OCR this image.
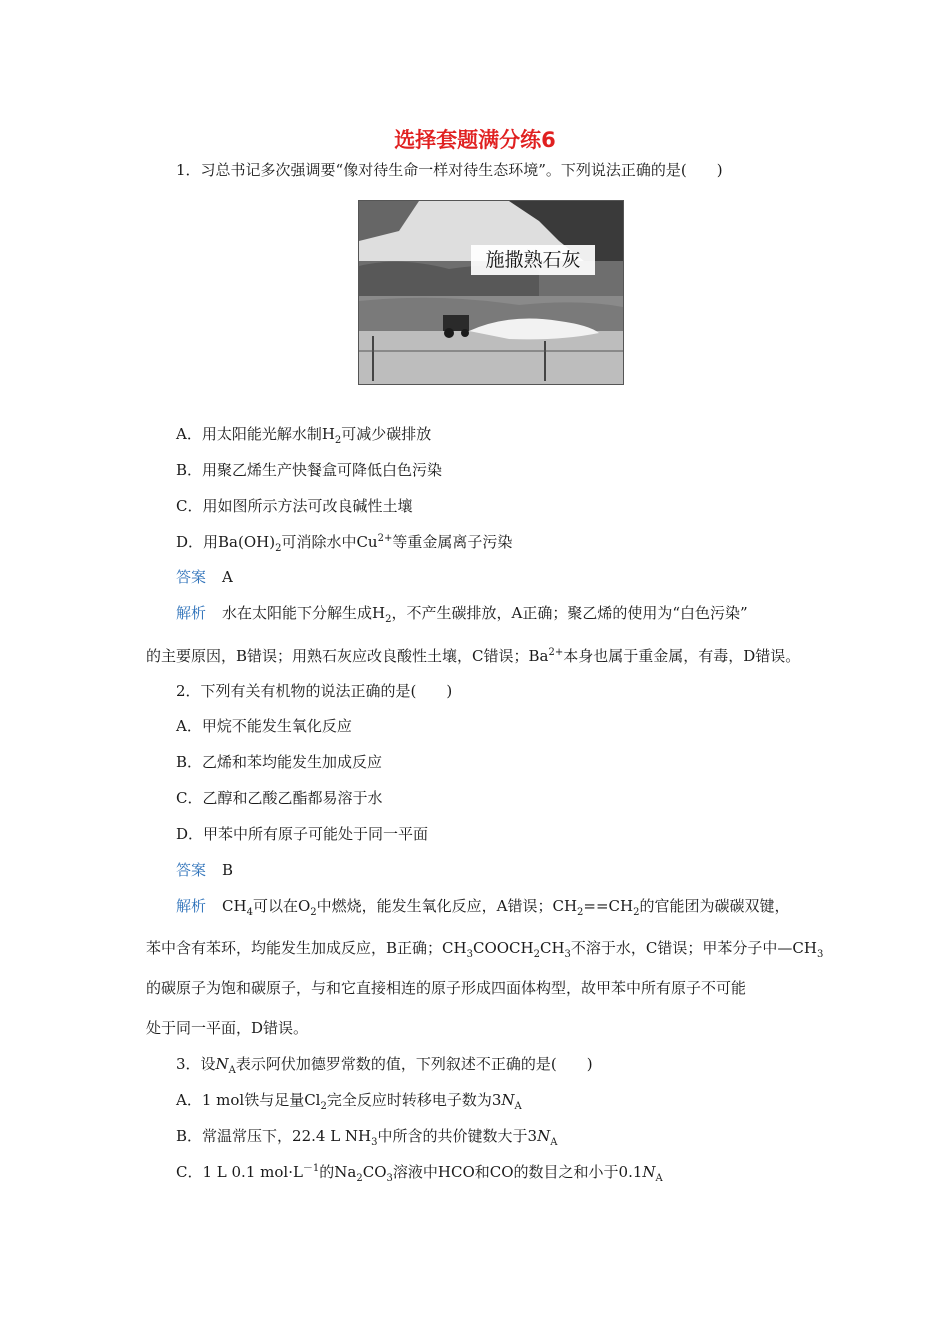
选择套题满分练6
1．习总书记多次强调要“像对待生命一样对待生态环境”。下列说法正确的是(　　)
施撒熟石灰
A．用太阳能光解水制$H_2$可减少碳排放
B．用聚乙烯生产快餐盒可降低白色污染
C．用如图所示方法可改良碱性土壤
D．用$Ba(OH)_2$可消除水中$Cu^{2+}$等重金属离子污染
答案 A
解析 水在太阳能下分解生成$H_2$，不产生碳排放，A正确；聚乙烯的使用为“白色污染”
的主要原因，B错误；用熟石灰应改良酸性土壤，C错误；$Ba^{2+}$本身也属于重金属，有毒，D错误。
2．下列有关有机物的说法正确的是(　　)
A．甲烷不能发生氧化反应
B．乙烯和苯均能发生加成反应
C．乙醇和乙酸乙酯都易溶于水
D．甲苯中所有原子可能处于同一平面
答案 B
解析 $CH_4$可以在$O_2$中燃烧，能发生氧化反应，A错误；$CH_2==CH_2$的官能团为碳碳双键，
苯中含有苯环，均能发生加成反应，B正确；$CH_3COOCH_2CH_3$不溶于水，C错误；甲苯分子中$—CH_3$
的碳原子为饱和碳原子，与和它直接相连的原子形成四面体构型，故甲苯中所有原子不可能
处于同一平面，D错误。
3．设$N_A$表示阿伏加德罗常数的值，下列叙述不正确的是(　　)
A．1 mol铁与足量$Cl_2$完全反应时转移电子数为$3N_A$
B．常温常压下，22.4 L $NH_3$中所含的共价键数大于$3N_A$
C．1 L 0.1 $mol\cdot L^{-1}$的$Na_2CO_3$溶液中HCO和CO的数目之和小于$0.1N_A$
